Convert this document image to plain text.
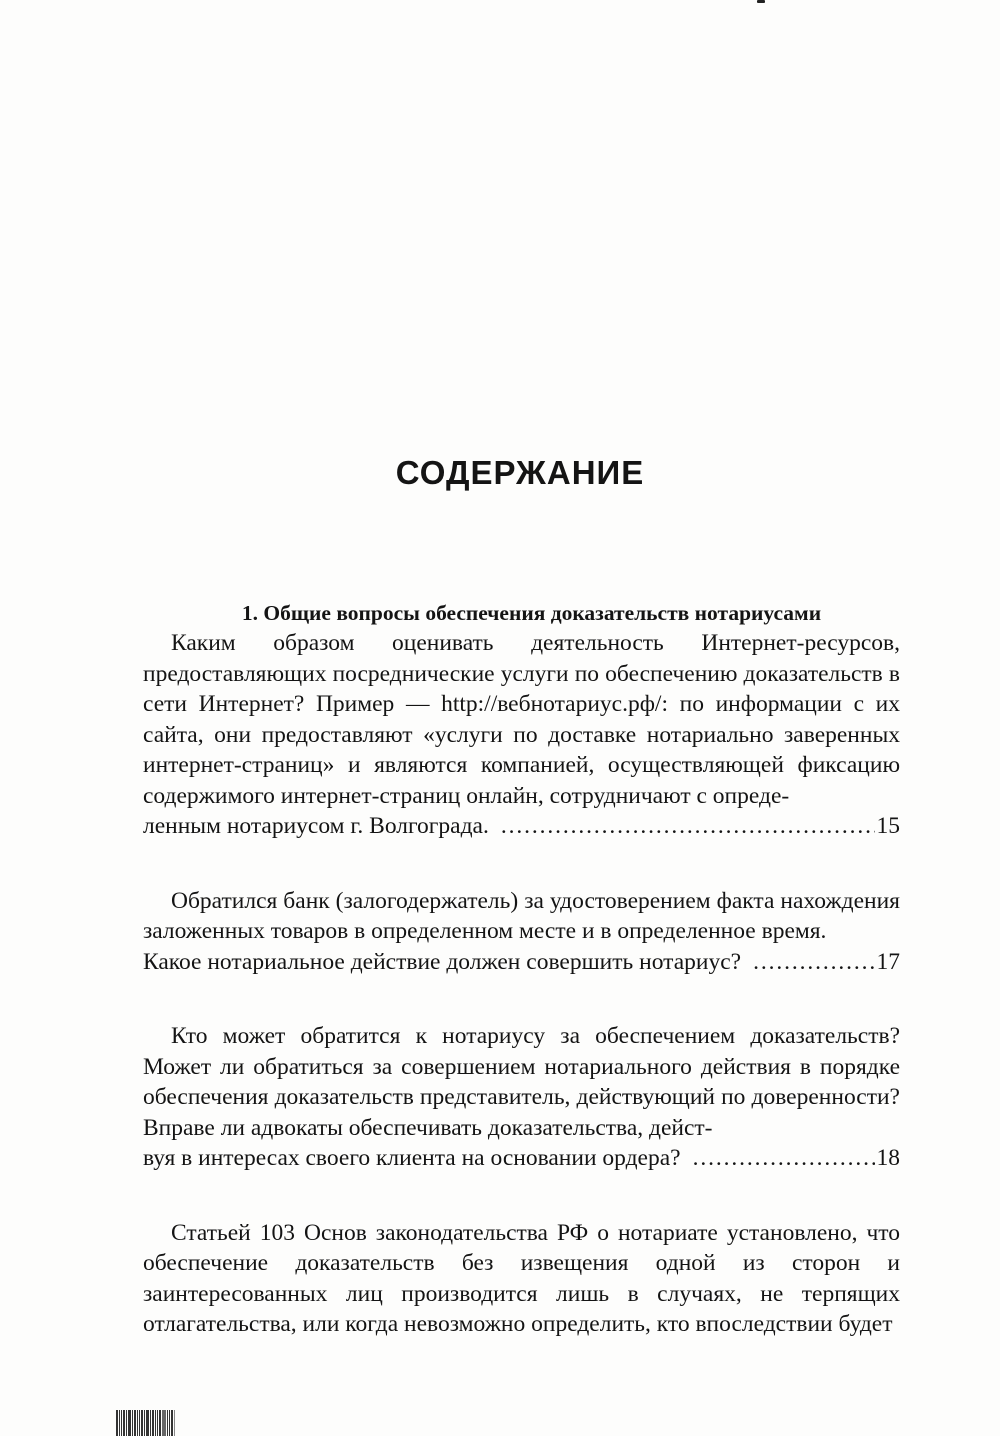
СОДЕРЖАНИЕ

1. Общие вопросы обеспечения доказательств нотариусами

Каким образом оценивать деятельность Интернет-ресурсов, предоставляющих посреднические услуги по обеспечению доказательств в сети Интернет? Пример — http://вебнотариус.рф/: по информации с их сайта, они предоставляют «услуги по доставке нотариально заверенных интернет-страниц» и являются компанией, осуществляющей фиксацию содержимого интернет-страниц онлайн, сотрудничают с опреде-
ленным нотариусом г. Волгограда. . . .	15
Обратился банк (залогодержатель) за удостоверением факта нахождения заложенных товаров в определенном месте и в определенное время.
Какое нотариальное действие должен совершить нотариус? . . .	17
Кто может обратится к нотариусу за обеспечением доказательств? Может ли обратиться за совершением нотариального действия в порядке обеспечения доказательств представитель, действующий по доверенности? Вправе ли адвокаты обеспечивать доказательства, дейст-
вуя в интересах своего клиента на основании ордера? . . .	18
Статьей 103 Основ законодательства РФ о нотариате установлено, что обеспечение доказательств без извещения одной из сторон и заинтересованных лиц производится лишь в случаях, не терпящих отлагательства, или когда невозможно определить, кто впоследствии будет
